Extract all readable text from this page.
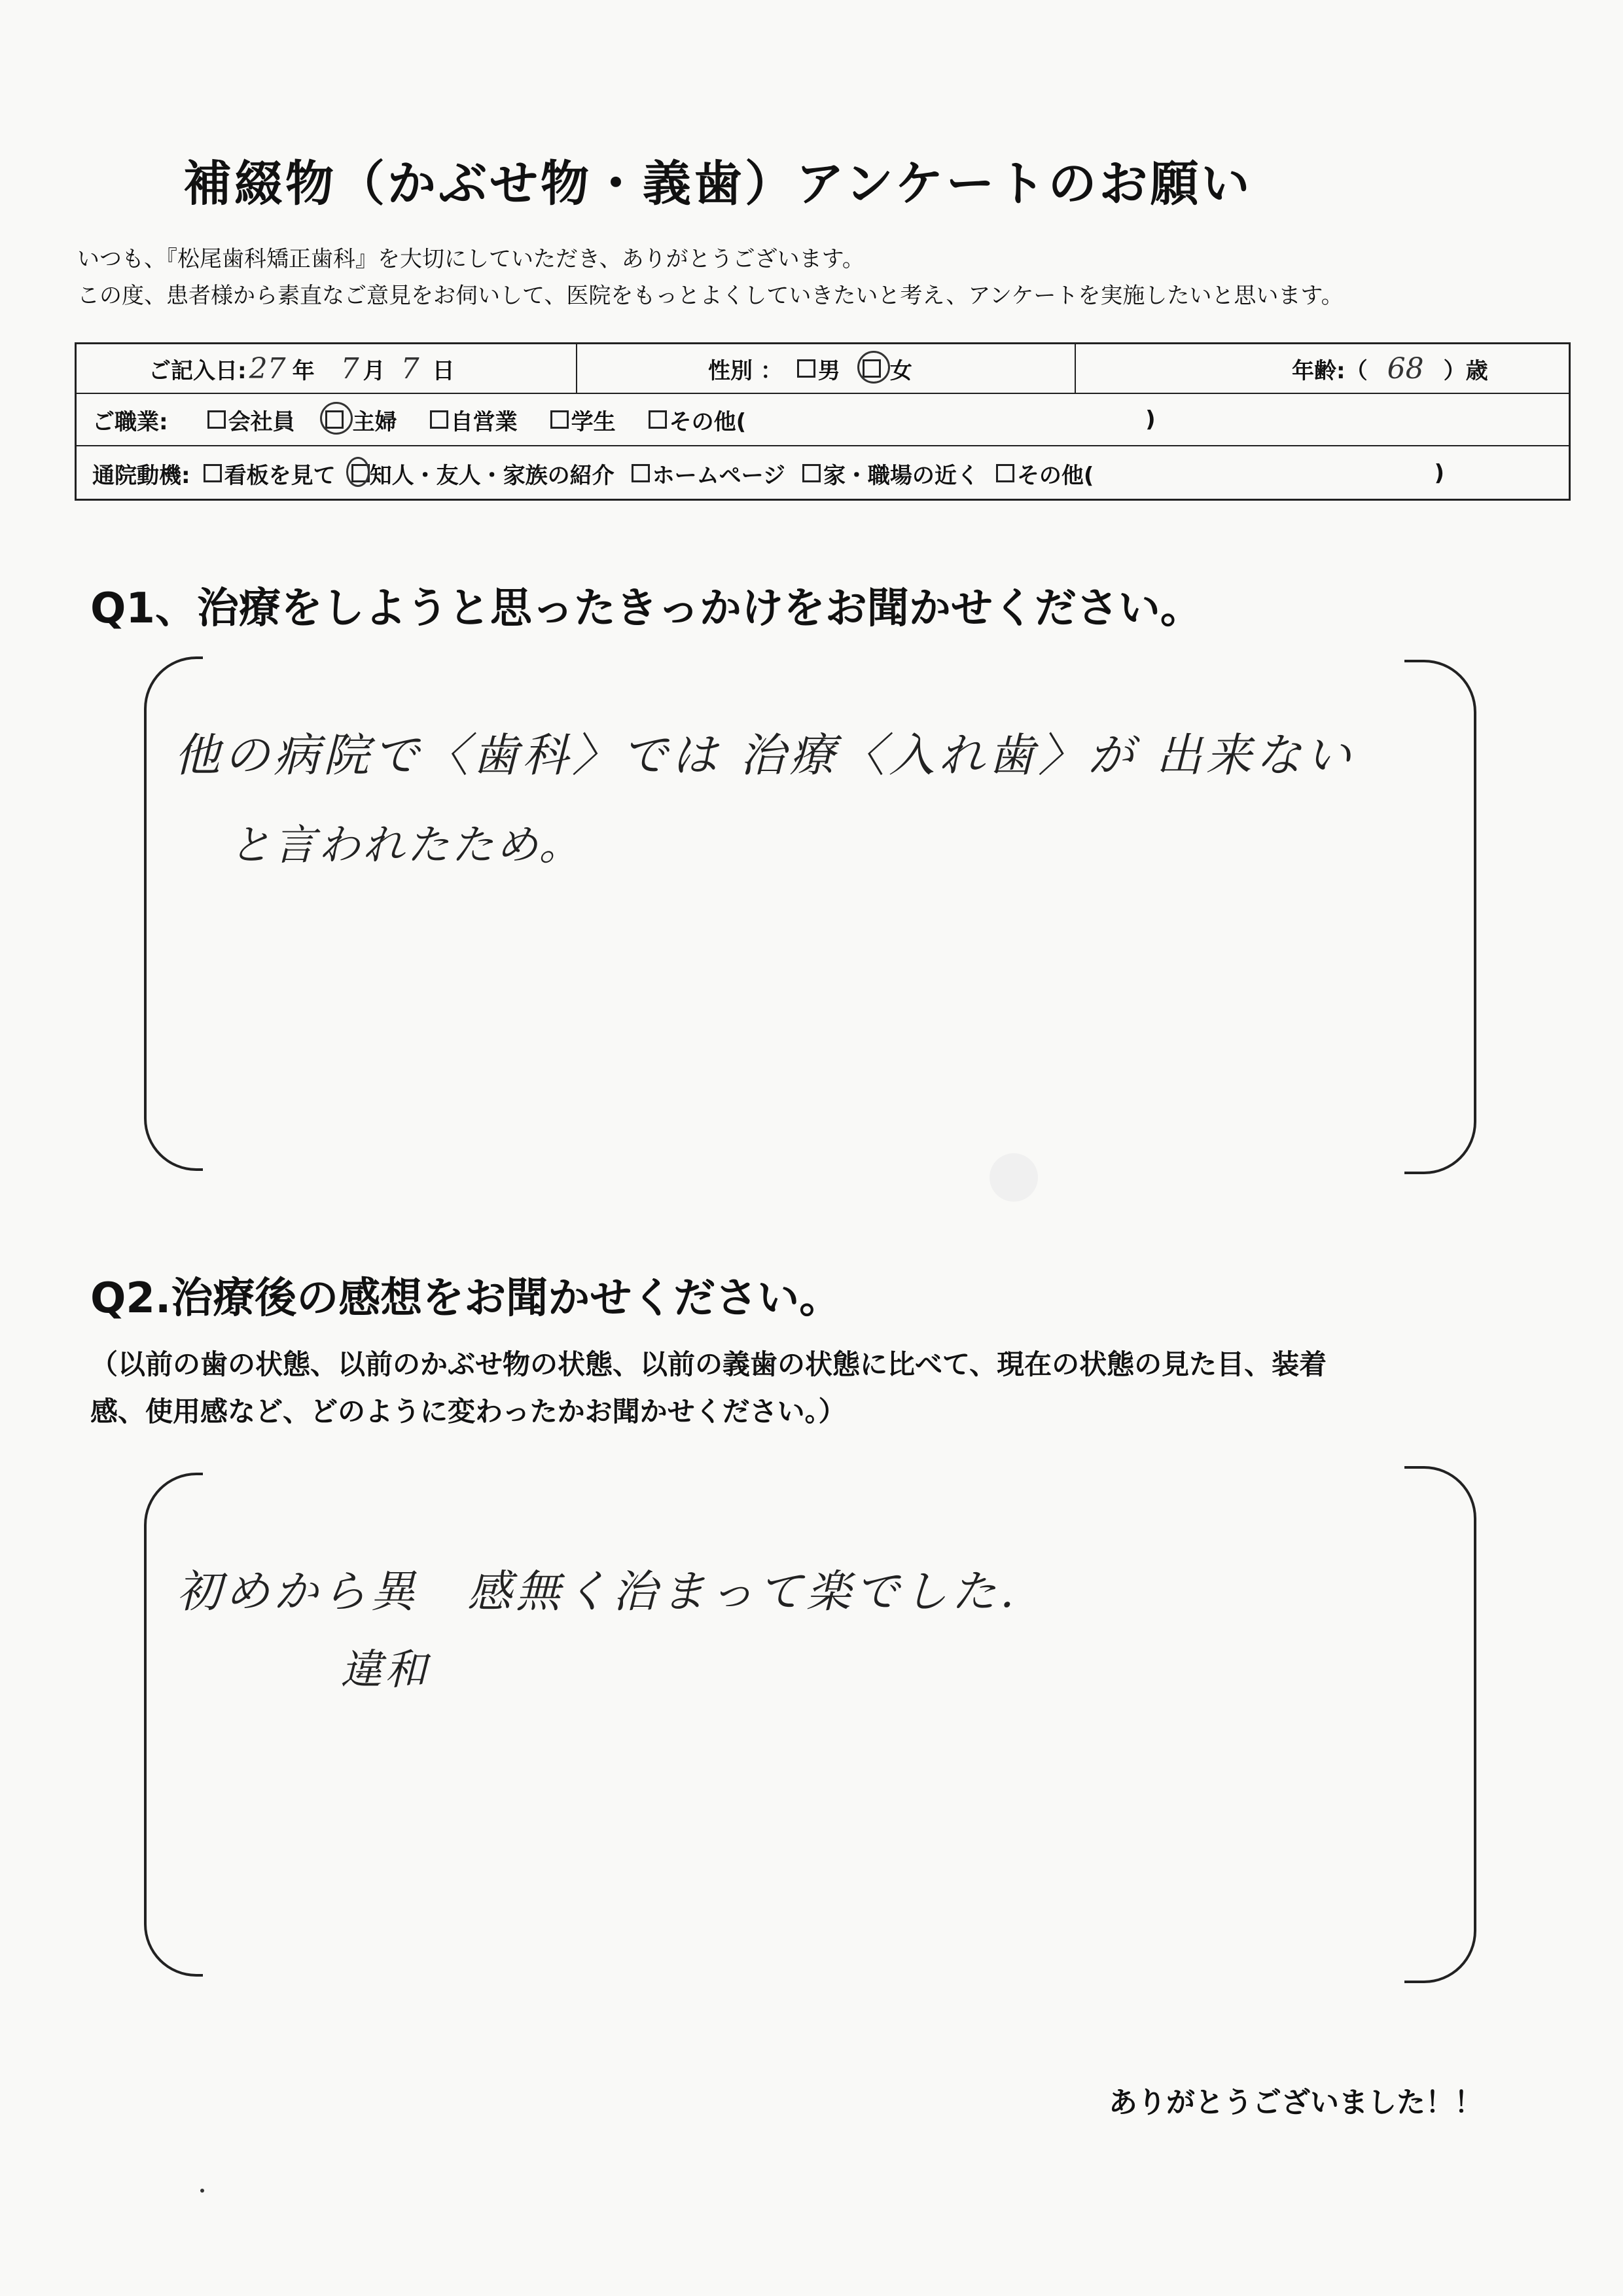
補綴物（かぶせ物・義歯）アンケートのお願い
いつも、『松尾歯科矯正歯科』を大切にしていただき、ありがとうございます。
この度、患者様から素直なご意見をお伺いして、医院をもっとよくしていきたいと考え、アンケートを実施したいと思います。
ご記入日: 27 年 7 月 7 日	性別 ： 男 女	年齢:（ 68 ）歳
ご職業:	会社員	主婦 自営業 学生 その他(	)
通院動機: 看板を見て 知人・友人・家族の紹介 ホームページ 家・職場の近く その他(	)
Q1、治療をしようと思ったきっかけをお聞かせください。
他の病院で〈歯科〉では 治療〈入れ歯〉が 出来ない
と言われたため。
Q2.治療後の感想をお聞かせください。
（以前の歯の状態、以前のかぶせ物の状態、以前の義歯の状態に比べて、現在の状態の見た目、装着
感、使用感など、どのように変わったかお聞かせください。）
初めから異　感無く治まって楽でした.
違和
ありがとうございました！！
